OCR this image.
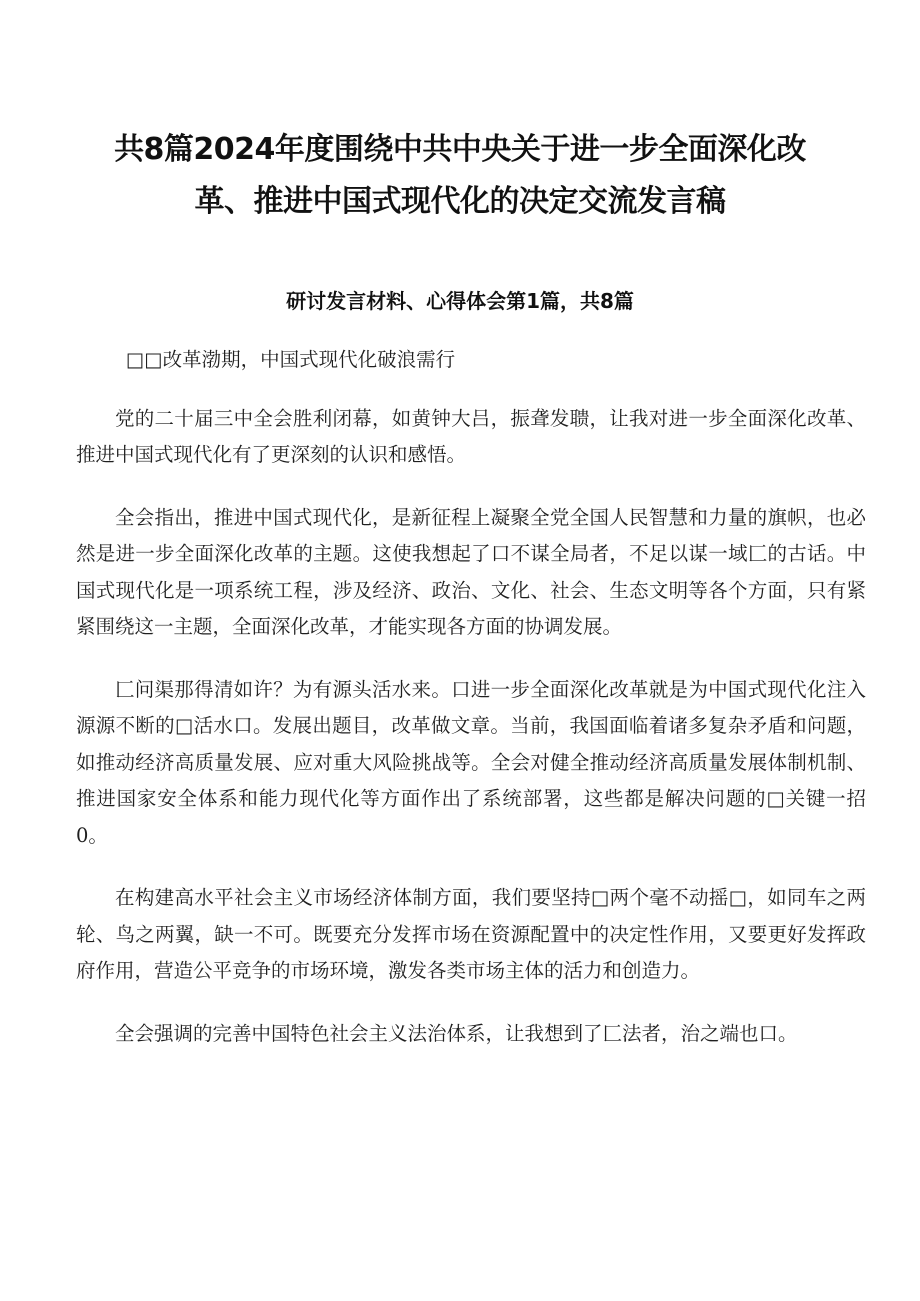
共8篇2024年度围绕中共中央关于进一步全面深化改
革、推进中国式现代化的决定交流发言稿
研讨发言材料、心得体会第1篇，共8篇

□□改革渤期，中国式现代化破浪需行

党的二十届三中全会胜利闭幕，如黄钟大吕，振聋发聩，让我对进一步全面深化改革、推进中国式现代化有了更深刻的认识和感悟。

全会指出，推进中国式现代化，是新征程上凝聚全党全国人民智慧和力量的旗帜，也必然是进一步全面深化改革的主题。这使我想起了口不谋全局者，不足以谋一域匚的古话。中国式现代化是一项系统工程，涉及经济、政治、文化、社会、生态文明等各个方面，只有紧紧围绕这一主题，全面深化改革，才能实现各方面的协调发展。

匚问渠那得清如许？为有源头活水来。口进一步全面深化改革就是为中国式现代化注入源源不断的□活水口。发展出题目，改革做文章。当前，我国面临着诸多复杂矛盾和问题，如推动经济高质量发展、应对重大风险挑战等。全会对健全推动经济高质量发展体制机制、推进国家安全体系和能力现代化等方面作出了系统部署，这些都是解决问题的□关键一招0。

在构建高水平社会主义市场经济体制方面，我们要坚持□两个毫不动摇□，如同车之两轮、鸟之两翼，缺一不可。既要充分发挥市场在资源配置中的决定性作用，又要更好发挥政府作用，营造公平竞争的市场环境，激发各类市场主体的活力和创造力。

全会强调的完善中国特色社会主义法治体系，让我想到了匚法者，治之端也口。
